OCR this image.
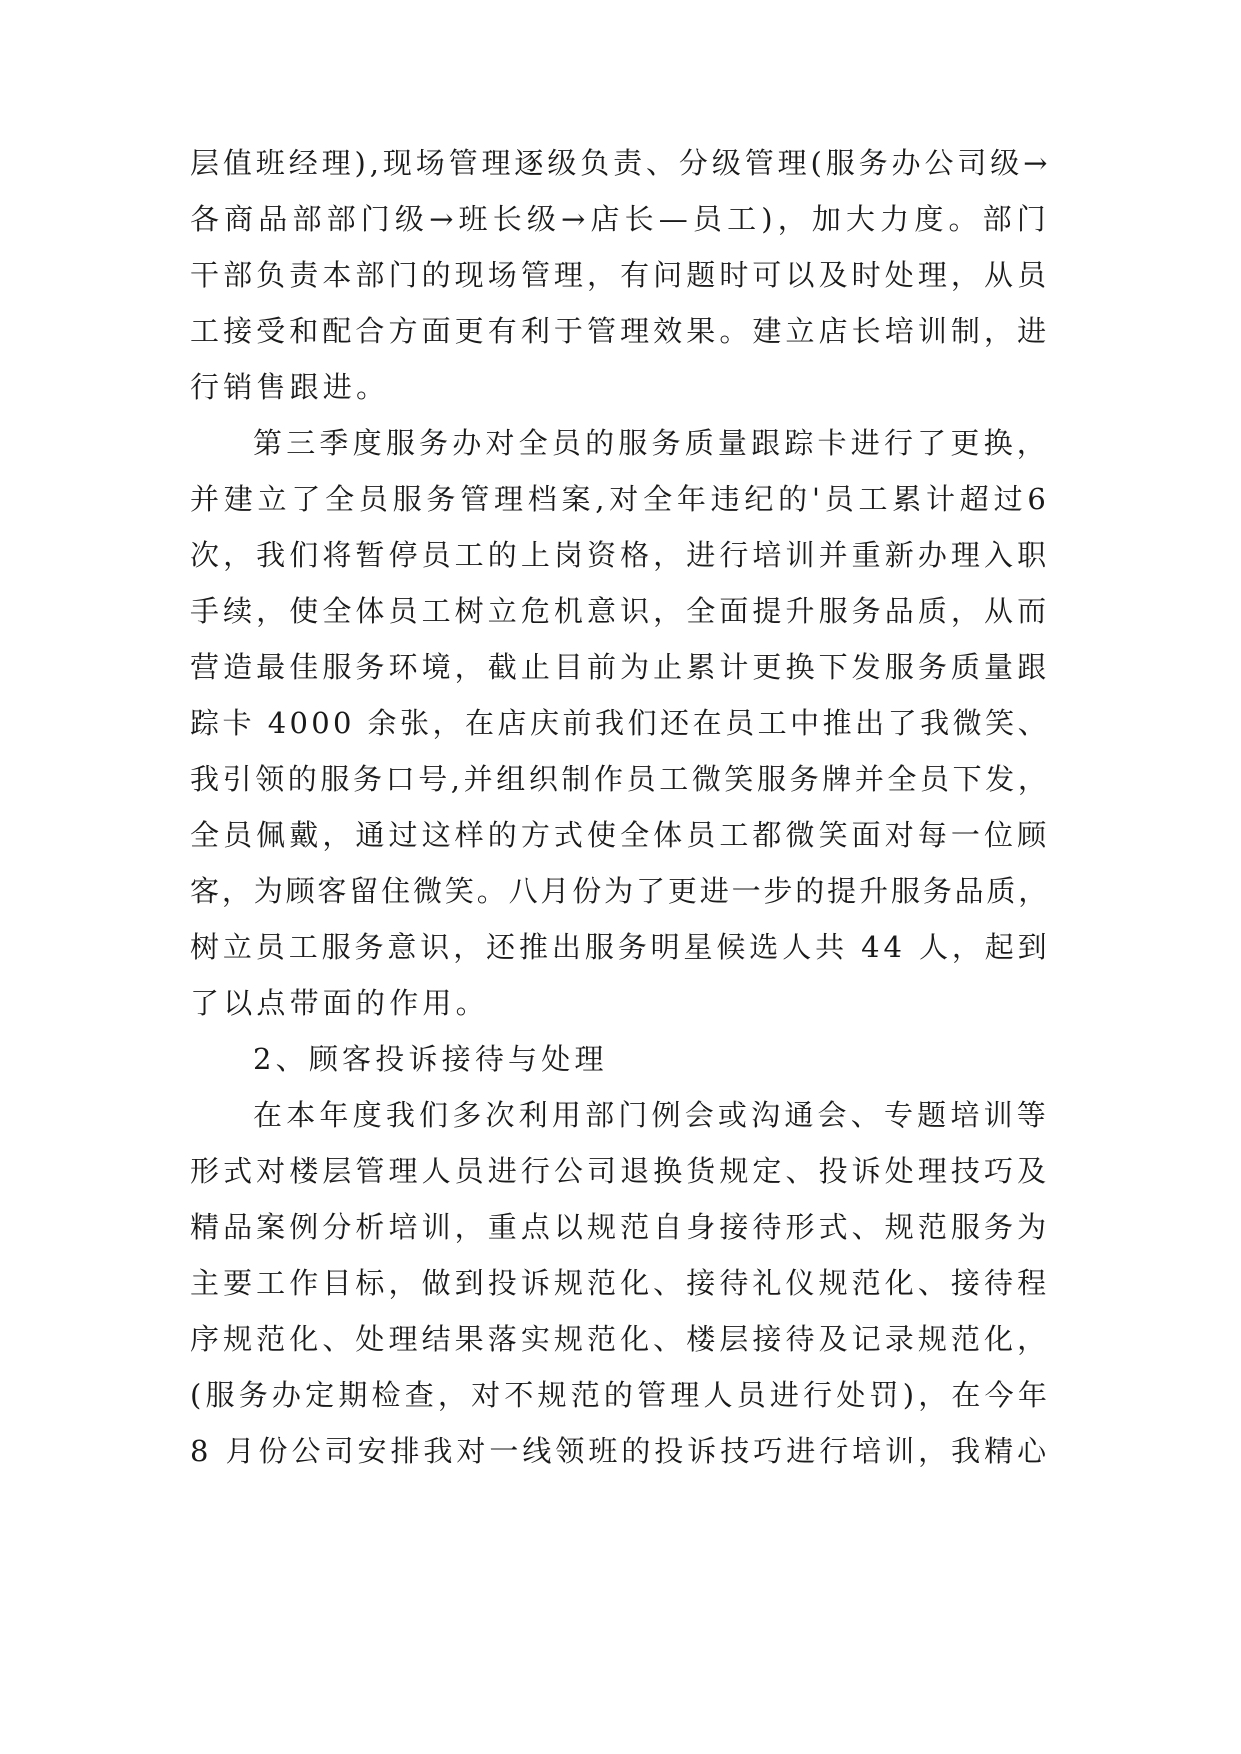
层值班经理),现场管理逐级负责、分级管理(服务办公司级→
各商品部部门级→班长级→店长—员工)，加大力度。部门
干部负责本部门的现场管理，有问题时可以及时处理，从员
工接受和配合方面更有利于管理效果。建立店长培训制，进
行销售跟进。
第三季度服务办对全员的服务质量跟踪卡进行了更换，
并建立了全员服务管理档案,对全年违纪的'员工累计超过6
次，我们将暂停员工的上岗资格，进行培训并重新办理入职
手续，使全体员工树立危机意识，全面提升服务品质，从而
营造最佳服务环境，截止目前为止累计更换下发服务质量跟
踪卡 4000 余张，在店庆前我们还在员工中推出了我微笑、
我引领的服务口号,并组织制作员工微笑服务牌并全员下发，
全员佩戴，通过这样的方式使全体员工都微笑面对每一位顾
客，为顾客留住微笑。八月份为了更进一步的提升服务品质，
树立员工服务意识，还推出服务明星候选人共 44 人，起到
了以点带面的作用。
2、顾客投诉接待与处理
在本年度我们多次利用部门例会或沟通会、专题培训等
形式对楼层管理人员进行公司退换货规定、投诉处理技巧及
精品案例分析培训，重点以规范自身接待形式、规范服务为
主要工作目标，做到投诉规范化、接待礼仪规范化、接待程
序规范化、处理结果落实规范化、楼层接待及记录规范化，
(服务办定期检查，对不规范的管理人员进行处罚)，在今年
8 月份公司安排我对一线领班的投诉技巧进行培训，我精心
